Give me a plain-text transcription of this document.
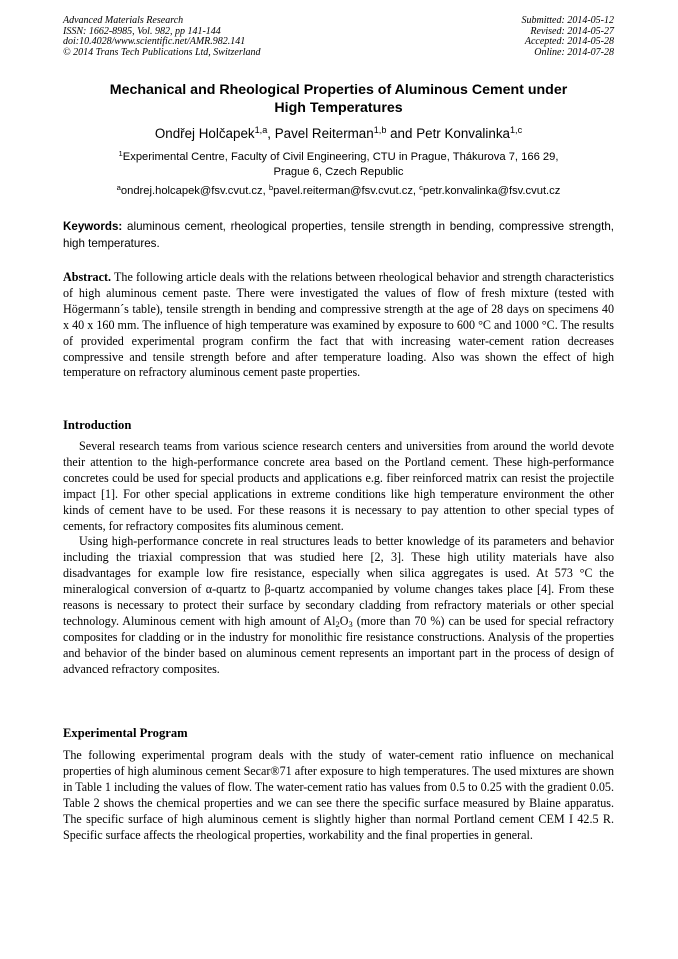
Advanced Materials Research
ISSN: 1662-8985, Vol. 982, pp 141-144
doi:10.4028/www.scientific.net/AMR.982.141
© 2014 Trans Tech Publications Ltd, Switzerland
Submitted: 2014-05-12
Revised: 2014-05-27
Accepted: 2014-05-28
Online: 2014-07-28
Mechanical and Rheological Properties of Aluminous Cement under
High Temperatures
Ondřej Holčapek$^{1,a}$, Pavel Reiterman$^{1,b}$ and Petr Konvalinka$^{1,c}$
$^1$Experimental Centre, Faculty of Civil Engineering, CTU in Prague, Thákurova 7, 166 29,
Prague 6, Czech Republic
$^a$ondrej.holcapek@fsv.cvut.cz, $^b$pavel.reiterman@fsv.cvut.cz, $^c$petr.konvalinka@fsv.cvut.cz
Keywords: aluminous cement, rheological properties, tensile strength in bending, compressive strength, high temperatures.
Abstract. The following article deals with the relations between rheological behavior and strength characteristics of high aluminous cement paste. There were investigated the values of flow of fresh mixture (tested with Högermann´s table), tensile strength in bending and compressive strength at the age of 28 days on specimens 40 x 40 x 160 mm. The influence of high temperature was examined by exposure to 600 °C and 1000 °C. The results of provided experimental program confirm the fact that with increasing water-cement ration decreases compressive and tensile strength before and after temperature loading. Also was shown the effect of high temperature on refractory aluminous cement paste properties.
Introduction

Several research teams from various science research centers and universities from around the world devote their attention to the high-performance concrete area based on the Portland cement. These high-performance concretes could be used for special products and applications e.g. fiber reinforced matrix can resist the projectile impact [1]. For other special applications in extreme conditions like high temperature environment the other kinds of cement have to be used. For these reasons it is necessary to pay attention to other special types of cements, for refractory composites fits aluminous cement.

Using high-performance concrete in real structures leads to better knowledge of its parameters and behavior including the triaxial compression that was studied here [2, 3]. These high utility materials have also disadvantages for example low fire resistance, especially when silica aggregates is used. At 573 °C the mineralogical conversion of α-quartz to β-quartz accompanied by volume changes takes place [4]. From these reasons is necessary to protect their surface by secondary cladding from refractory materials or other special technology. Aluminous cement with high amount of $Al_2O_3$ (more than 70 %) can be used for special refractory composites for cladding or in the industry for monolithic fire resistance constructions. Analysis of the properties and behavior of the binder based on aluminous cement represents an important part in the process of design of advanced refractory composites.

Experimental Program

The following experimental program deals with the study of water-cement ratio influence on mechanical properties of high aluminous cement Secar®71 after exposure to high temperatures. The used mixtures are shown in Table 1 including the values of flow. The water-cement ratio has values from 0.5 to 0.25 with the gradient 0.05. Table 2 shows the chemical properties and we can see there the specific surface measured by Blaine apparatus. The specific surface of high aluminous cement is slightly higher than normal Portland cement CEM I 42.5 R. Specific surface affects the rheological properties, workability and the final properties in general.
